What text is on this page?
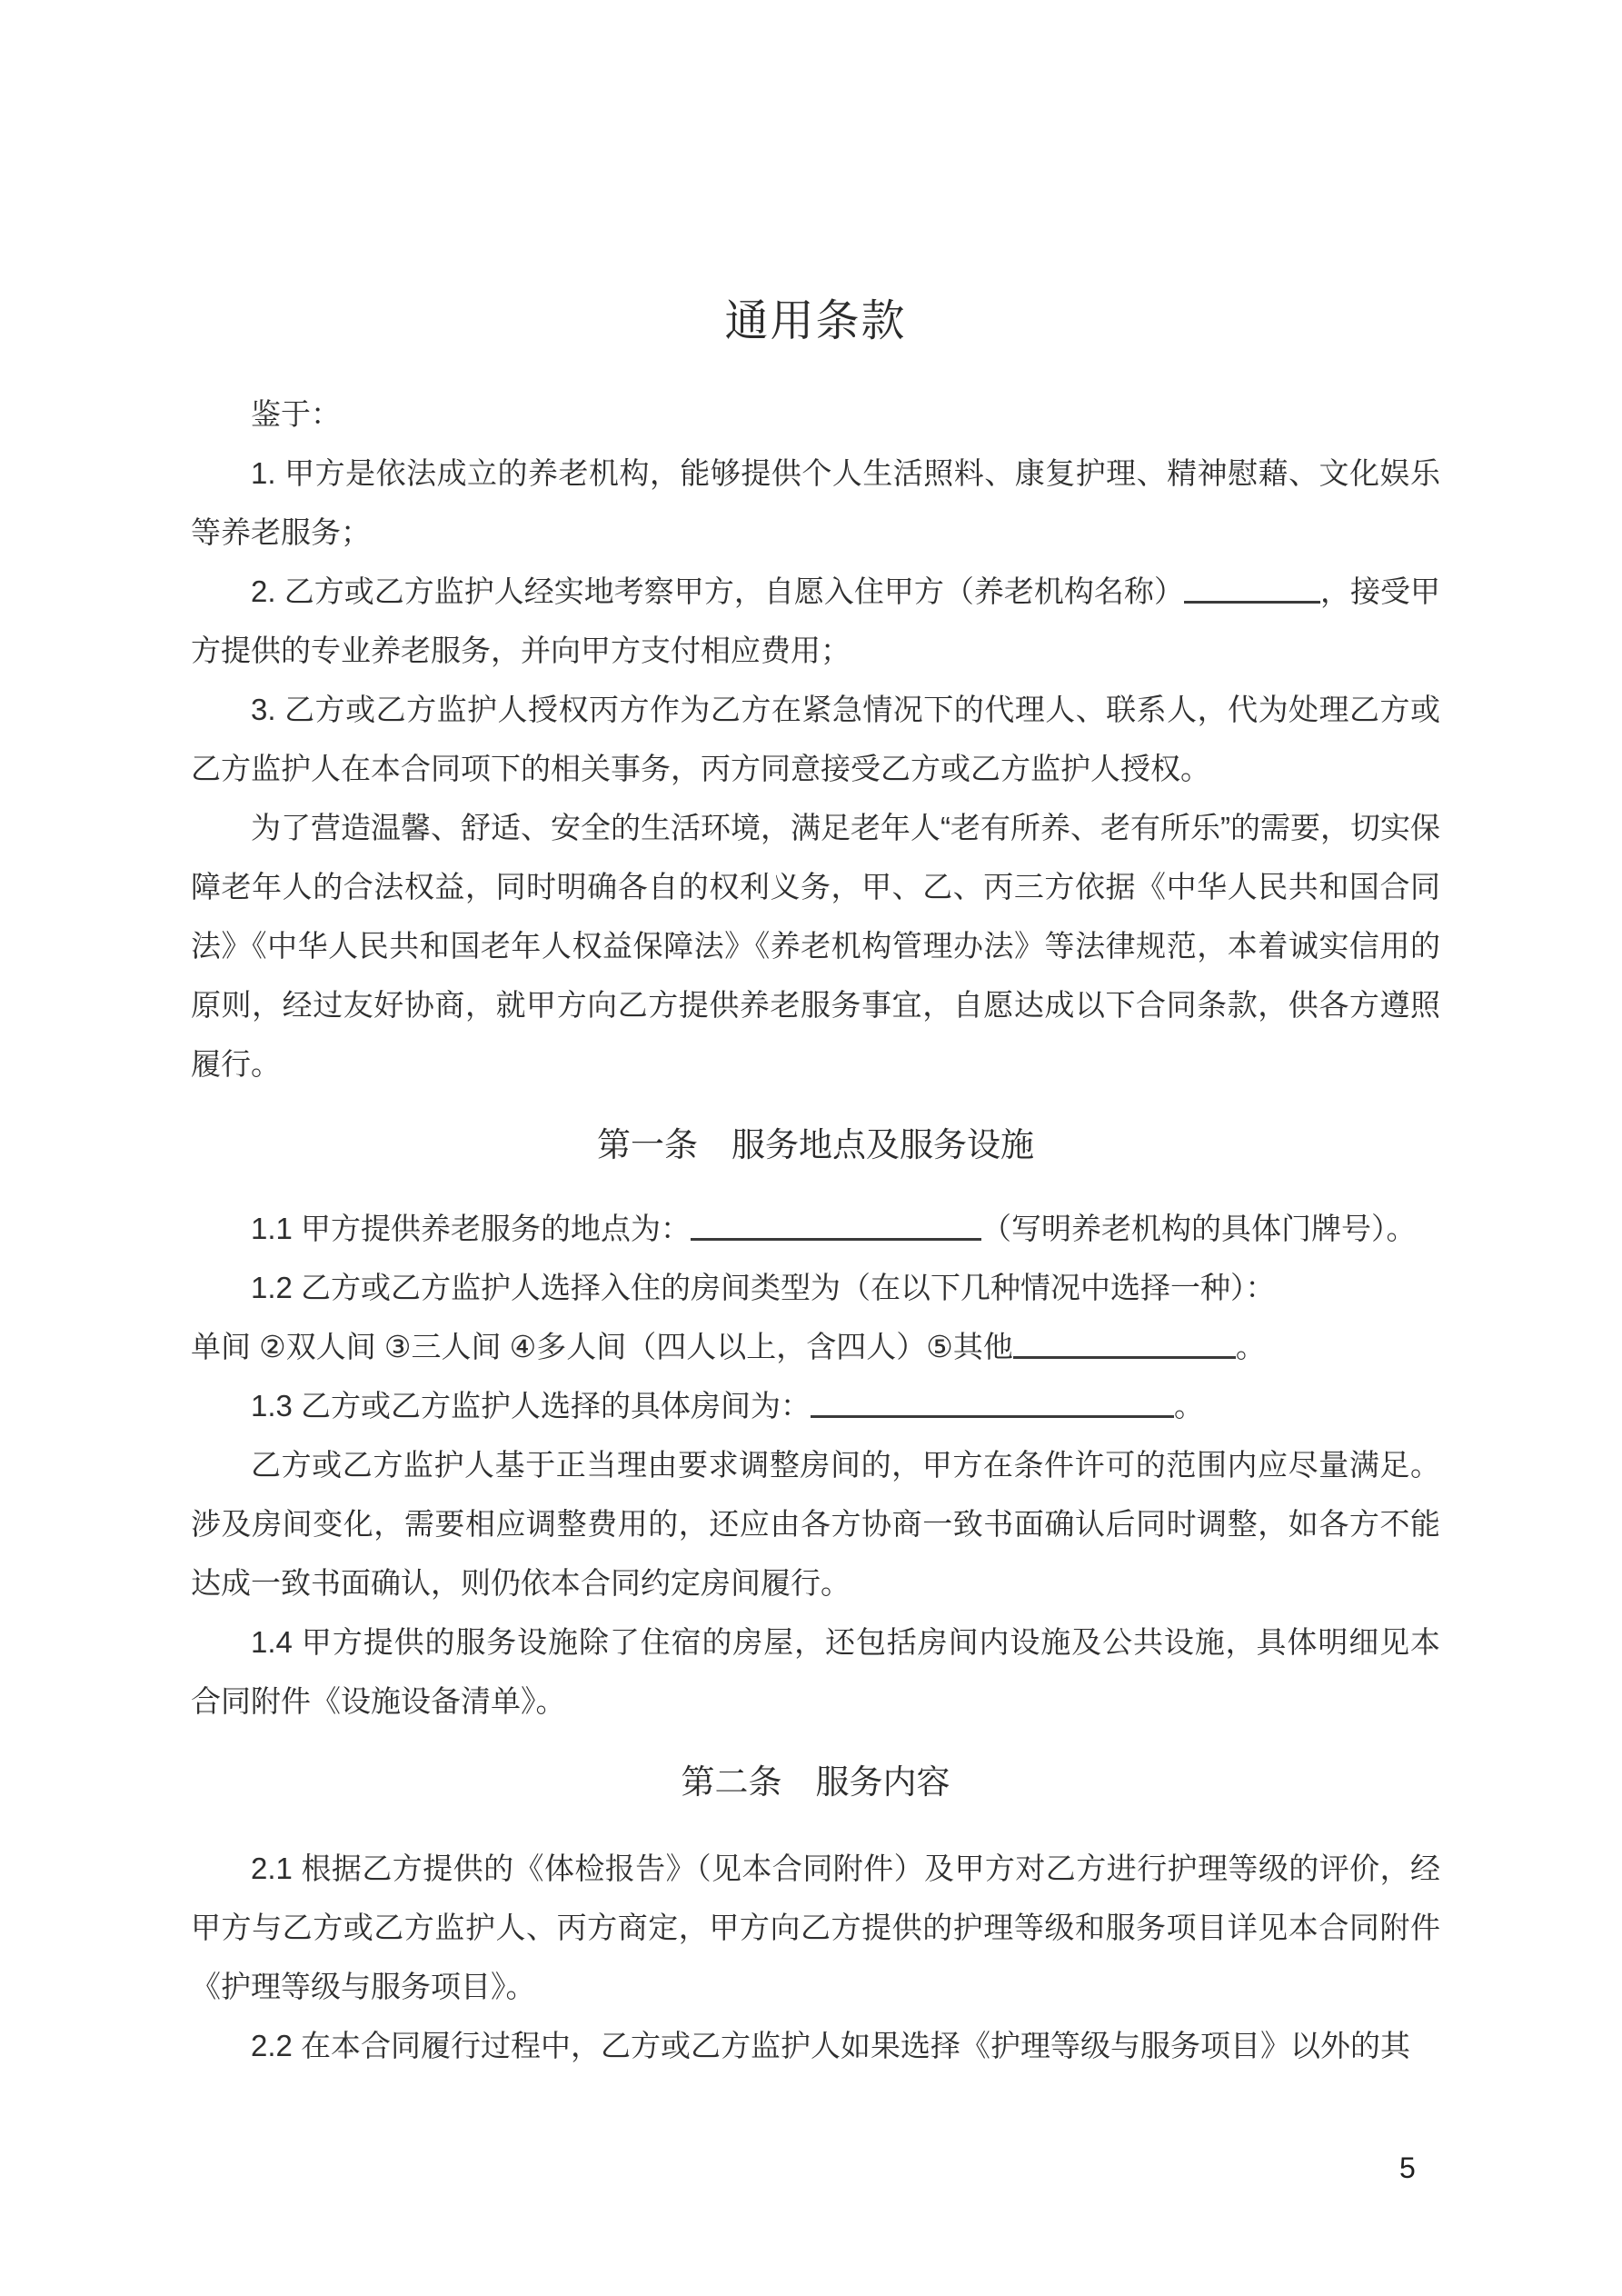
通用条款

鉴于：

1. 甲方是依法成立的养老机构，能够提供个人生活照料、康复护理、精神慰藉、文化娱乐等养老服务；

2. 乙方或乙方监护人经实地考察甲方，自愿入住甲方（养老机构名称）	，接受甲方提供的专业养老服务，并向甲方支付相应费用；

3. 乙方或乙方监护人授权丙方作为乙方在紧急情况下的代理人、联系人，代为处理乙方或乙方监护人在本合同项下的相关事务，丙方同意接受乙方或乙方监护人授权。

为了营造温馨、舒适、安全的生活环境，满足老年人“老有所养、老有所乐”的需要，切实保障老年人的合法权益，同时明确各自的权利义务，甲、乙、丙三方依据《中华人民共和国合同法》《中华人民共和国老年人权益保障法》《养老机构管理办法》等法律规范，本着诚实信用的原则，经过友好协商，就甲方向乙方提供养老服务事宜，自愿达成以下合同条款，供各方遵照履行。

第一条　服务地点及服务设施

1.1 甲方提供养老服务的地点为：	（写明养老机构的具体门牌号）。

1.2 乙方或乙方监护人选择入住的房间类型为（在以下几种情况中选择一种）：

单间 ②双人间 ③三人间 ④多人间（四人以上，含四人）⑤其他	。

1.3 乙方或乙方监护人选择的具体房间为：	。

乙方或乙方监护人基于正当理由要求调整房间的，甲方在条件许可的范围内应尽量满足。涉及房间变化，需要相应调整费用的，还应由各方协商一致书面确认后同时调整，如各方不能达成一致书面确认，则仍依本合同约定房间履行。

1.4 甲方提供的服务设施除了住宿的房屋，还包括房间内设施及公共设施，具体明细见本合同附件《设施设备清单》。

第二条　服务内容

2.1 根据乙方提供的《体检报告》（见本合同附件）及甲方对乙方进行护理等级的评价，经甲方与乙方或乙方监护人、丙方商定，甲方向乙方提供的护理等级和服务项目详见本合同附件《护理等级与服务项目》。

2.2 在本合同履行过程中，乙方或乙方监护人如果选择《护理等级与服务项目》以外的其

5
